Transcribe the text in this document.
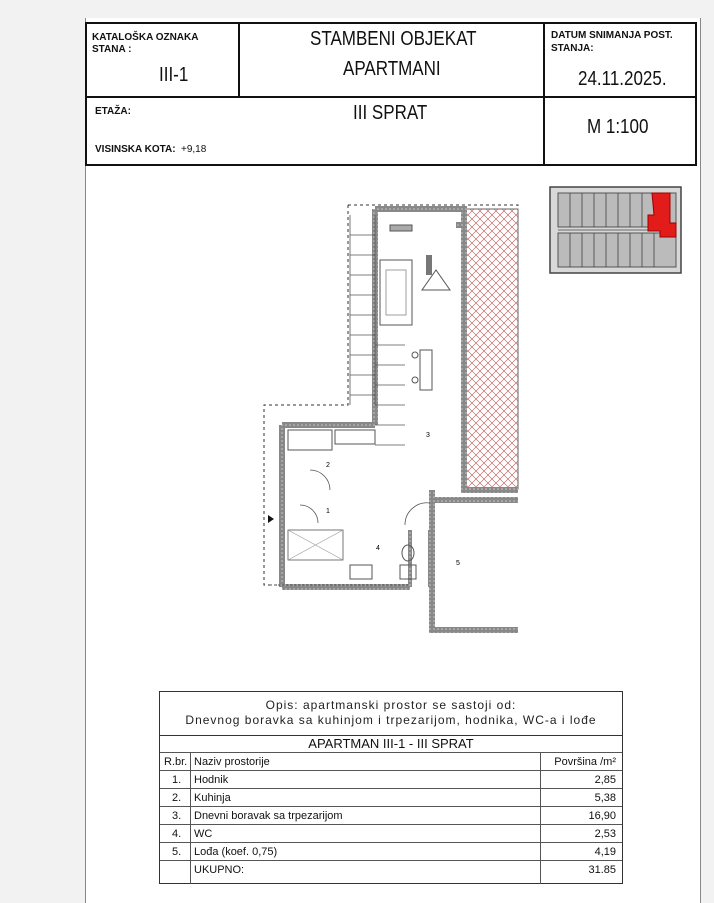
KATALOŠKA OZNAKA
STANA :
III-1
STAMBENI OBJEKAT
APARTMANI
DATUM SNIMANJA POST.
STANJA:
24.11.2025.
ETAŽA:
VISINSKA KOTA: +9,18
III SPRAT
M 1:100
3
2
1
4
5
Opis: apartmanski prostor se sastoji od:
Dnevnog boravka sa kuhinjom i trpezarijom, hodnika, WC-a i lođe
APARTMAN III-1 - III SPRAT
R.br. Naziv prostorije	Površina /m²
1. Hodnik	2,85
2. Kuhinja	5,38
3. Dnevni boravak sa trpezarijom	16,90
4. WC	2,53
5. Lođa (koef. 0,75)	4,19
UKUPNO:	31.85
